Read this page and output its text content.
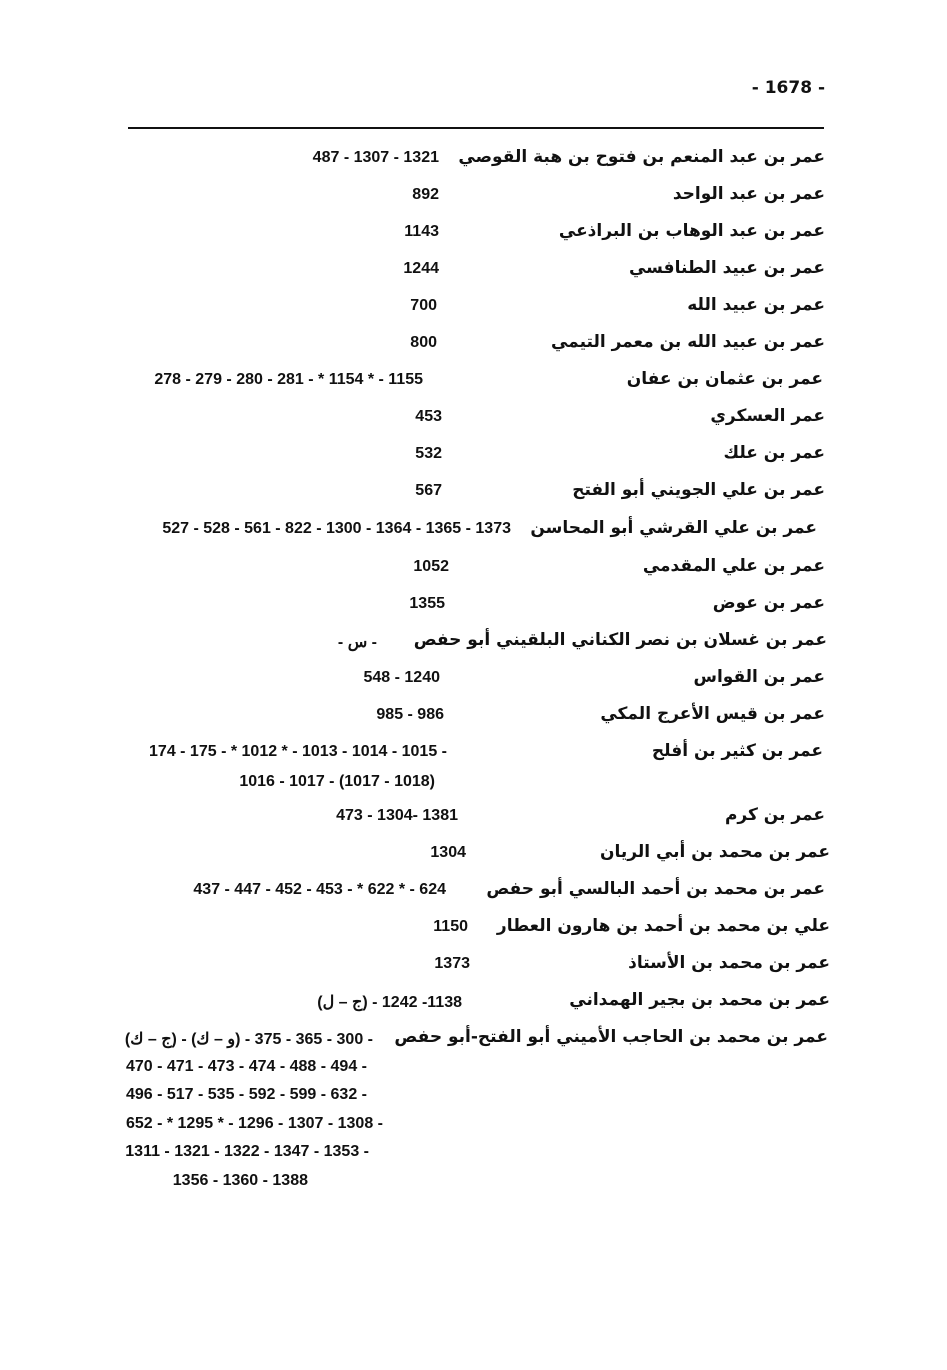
- 1678 -
عمر بن عبد المنعم بن فتوح بن هبة القوصي
487 - 1307 - 1321
عمر بن عبد الواحد
892
عمر بن عبد الوهاب بن البراذعي
1143
عمر بن عبيد الطنافسي
1244
عمر بن عبيد الله
700
عمر بن عبيد الله بن معمر التيمي
800
عمر بن عثمان بن عفان
278 - 279 - 280 - 281 - * 1154 * - 1155
عمر العسكري
453
عمر بن علك
532
عمر بن علي الجويني أبو الفتح
567
عمر بن علي القرشي أبو المحاسن
527 - 528 - 561 - 822 - 1300 - 1364 - 1365 - 1373
عمر بن علي المقدمي
1052
عمر بن عوض
1355
عمر بن غسلان بن نصر الكناني البلقيني أبو حفص
- س -
عمر بن القواس
548 - 1240
عمر بن قيس الأعرج المكي
985 - 986
عمر بن كثير بن أفلح
174 - 175 - * 1012 * - 1013 - 1014 - 1015 -
1016 - 1017 - (1017 - 1018)
عمر بن كرم
473 - 1304- 1381
عمر بن محمد بن أبي الريان
1304
عمر بن محمد بن أحمد البالسي أبو حفص
437 - 447 - 452 - 453 - * 622 * - 624
علي بن محمد بن أحمد بن هارون العطار
1150
عمر بن محمد بن الأستاذ
1373
عمر بن محمد بن بجير الهمداني
(ج – ل) - 1138- 1242
عمر بن محمد بن الحاجب الأميني أبو الفتح-أبو حفص
(ج – ك) - (و – ك) - 300 - 365 - 375 -
470 - 471 - 473 - 474 - 488 - 494 -
496 - 517 - 535 - 592 - 599 - 632 -
652 - * 1295 * - 1296 - 1307 - 1308 -
1311 - 1321 - 1322 - 1347 - 1353 -
1356 - 1360 - 1388
